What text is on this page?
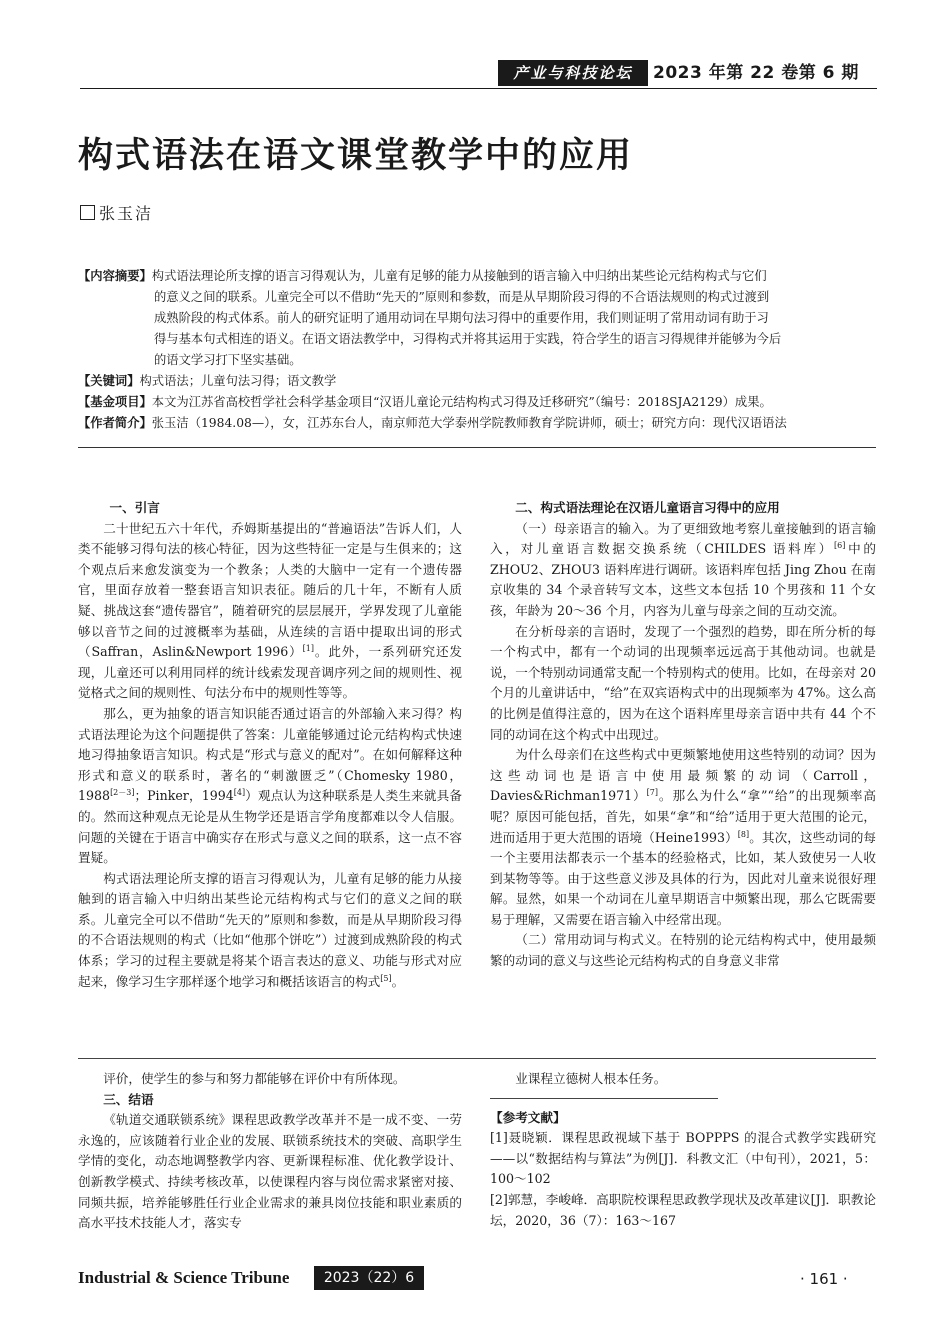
产业与科技论坛	2023 年第 22 卷第 6 期
构式语法在语文课堂教学中的应用
张玉洁
【内容摘要】构式语法理论所支撑的语言习得观认为，儿童有足够的能力从接触到的语言输入中归纳出某些论元结构构式与它们
的意义之间的联系。儿童完全可以不借助“先天的”原则和参数，而是从早期阶段习得的不合语法规则的构式过渡到
成熟阶段的构式体系。前人的研究证明了通用动词在早期句法习得中的重要作用，我们则证明了常用动词有助于习
得与基本句式相连的语义。在语文语法教学中，习得构式并将其运用于实践，符合学生的语言习得规律并能够为今后
的语文学习打下坚实基础。
【关键词】构式语法；儿童句法习得；语文教学
【基金项目】本文为江苏省高校哲学社会科学基金项目“汉语儿童论元结构构式习得及迁移研究”（编号：2018SJA2129）成果。
【作者简介】张玉洁（1984.08—），女，江苏东台人，南京师范大学泰州学院教师教育学院讲师，硕士；研究方向：现代汉语语法

一、引言

二十世纪五六十年代，乔姆斯基提出的“普遍语法”告诉人们，人类不能够习得句法的核心特征，因为这些特征一定是与生俱来的；这个观点后来愈发演变为一个教条；人类的大脑中一定有一个遗传器官，里面存放着一整套语言知识表征。随后的几十年，不断有人质疑、挑战这套“遗传器官”，随着研究的层层展开，学界发现了儿童能够以音节之间的过渡概率为基础，从连续的言语中提取出词的形式（Saffran，Aslin&Newport 1996）[1]。此外，一系列研究还发现，儿童还可以利用同样的统计线索发现音调序列之间的规则性、视觉格式之间的规则性、句法分布中的规则性等等。

那么，更为抽象的语言知识能否通过语言的外部输入来习得？构式语法理论为这个问题提供了答案：儿童能够通过论元结构构式快速地习得抽象语言知识。构式是“形式与意义的配对”。在如何解释这种形式和意义的联系时，著名的“刺激匮乏”（Chomesky 1980，1988[2－3]；Pinker，1994[4]）观点认为这种联系是人类生来就具备的。然而这种观点无论是从生物学还是语言学角度都难以令人信服。问题的关键在于语言中确实存在形式与意义之间的联系，这一点不容置疑。

构式语法理论所支撑的语言习得观认为，儿童有足够的能力从接触到的语言输入中归纳出某些论元结构构式与它们的意义之间的联系。儿童完全可以不借助“先天的”原则和参数，而是从早期阶段习得的不合语法规则的构式（比如“他那个饼吃”）过渡到成熟阶段的构式体系；学习的过程主要就是将某个语言表达的意义、功能与形式对应起来，像学习生字那样逐个地学习和概括该语言的构式[5]。

二、构式语法理论在汉语儿童语言习得中的应用

（一）母亲语言的输入。为了更细致地考察儿童接触到的语言输入，对儿童语言数据交换系统（CHILDES 语料库）[6]中的 ZHOU2、ZHOU3 语料库进行调研。该语料库包括 Jing Zhou 在南京收集的 34 个录音转写文本，这些文本包括 10 个男孩和 11 个女孩，年龄为 20～36 个月，内容为儿童与母亲之间的互动交流。

在分析母亲的言语时，发现了一个强烈的趋势，即在所分析的每一个构式中，都有一个动词的出现频率远远高于其他动词。也就是说，一个特别动词通常支配一个特别构式的使用。比如，在母亲对 20 个月的儿童讲话中，“给”在双宾语构式中的出现频率为 47%。这么高的比例是值得注意的，因为在这个语料库里母亲言语中共有 44 个不同的动词在这个构式中出现过。

为什么母亲们在这些构式中更频繁地使用这些特别的动词？因为这些动词也是语言中使用最频繁的动词（Carroll，Davies&Richman1971）[7]。那么为什么“拿”“给”的出现频率高呢？原因可能包括，首先，如果“拿”和“给”适用于更大范围的论元，进而适用于更大范围的语境（Heine1993）[8]。其次，这些动词的每一个主要用法都表示一个基本的经验格式，比如，某人致使另一人收到某物等等。由于这些意义涉及具体的行为，因此对儿童来说很好理解。显然，如果一个动词在儿童早期语言中频繁出现，那么它既需要易于理解，又需要在语言输入中经常出现。

（二）常用动词与构式义。在特别的论元结构构式中，使用最频繁的动词的意义与这些论元结构构式的自身意义非常

评价，使学生的参与和努力都能够在评价中有所体现。

三、结语

《轨道交通联锁系统》课程思政教学改革并不是一成不变、一劳永逸的，应该随着行业企业的发展、联锁系统技术的突破、高职学生学情的变化，动态地调整教学内容、更新课程标准、优化教学设计、创新教学模式、持续考核改革，以使课程内容与岗位需求紧密对接、同频共振，培养能够胜任行业企业需求的兼具岗位技能和职业素质的高水平技术技能人才，落实专

业课程立德树人根本任务。

【参考文献】

[1]聂晓颖．课程思政视域下基于 BOPPPS 的混合式教学实践研究——以“数据结构与算法”为例[J]．科教文汇（中旬刊），2021，5：100～102

[2]郭慧，李峻峰．高职院校课程思政教学现状及改革建议[J]．职教论坛，2020，36（7）：163～167

Industrial & Science Tribune	2023（22）6	· 161 ·
